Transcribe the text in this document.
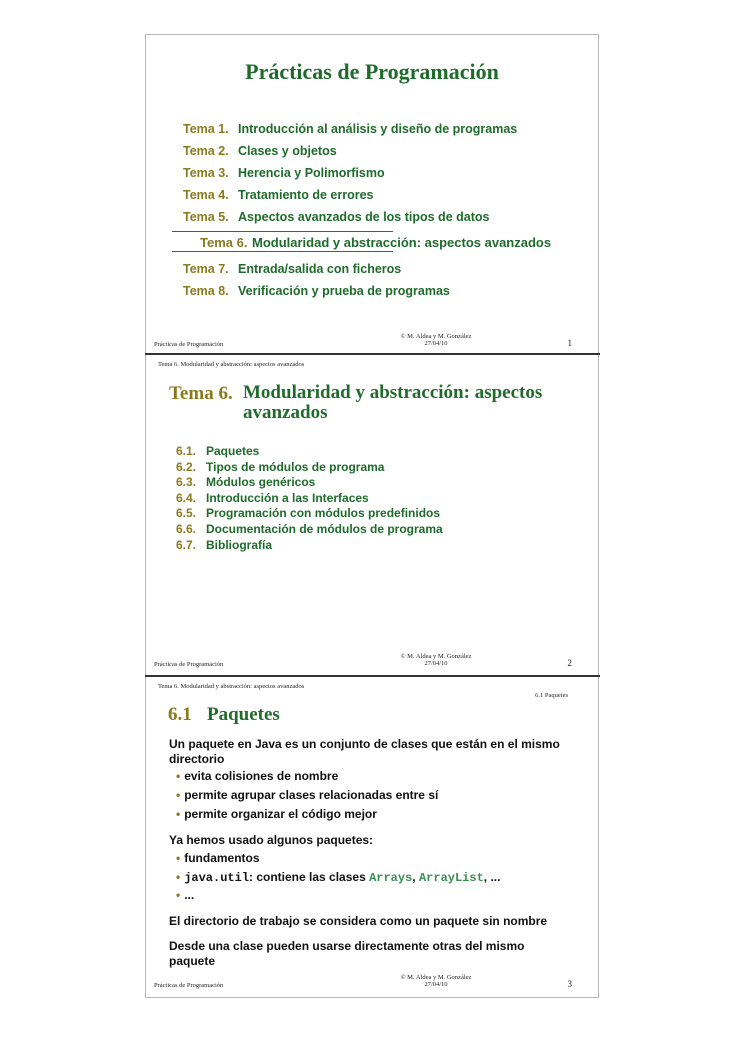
Prácticas de Programación
Tema 1. Introducción al análisis y diseño de programas
Tema 2. Clases y objetos
Tema 3. Herencia y Polimorfismo
Tema 4. Tratamiento de errores
Tema 5. Aspectos avanzados de los tipos de datos
Tema 6. Modularidad y abstracción: aspectos avanzados
Tema 7. Entrada/salida con ficheros
Tema 8. Verificación y prueba de programas
Prácticas de Programación
© M. Aldea y M. González
27/04/10	1
Tema 6. Modularidad y abstracción: aspectos avanzados
Tema 6. Modularidad y abstracción: aspectos avanzados
6.1. Paquetes
6.2. Tipos de módulos de programa
6.3. Módulos genéricos
6.4. Introducción a las Interfaces
6.5. Programación con módulos predefinidos
6.6. Documentación de módulos de programa
6.7. Bibliografía
Prácticas de Programación
© M. Aldea y M. González
27/04/10	2
Tema 6. Modularidad y abstracción: aspectos avanzados
6.1 Paquetes
6.1 Paquetes
Un paquete en Java es un conjunto de clases que están en el mismo directorio
• evita colisiones de nombre
• permite agrupar clases relacionadas entre sí
• permite organizar el código mejor
Ya hemos usado algunos paquetes:
• fundamentos
• java.util: contiene las clases Arrays, ArrayList, ...
• ...
El directorio de trabajo se considera como un paquete sin nombre
Desde una clase pueden usarse directamente otras del mismo paquete
Prácticas de Programación
© M. Aldea y M. González
27/04/10	3
